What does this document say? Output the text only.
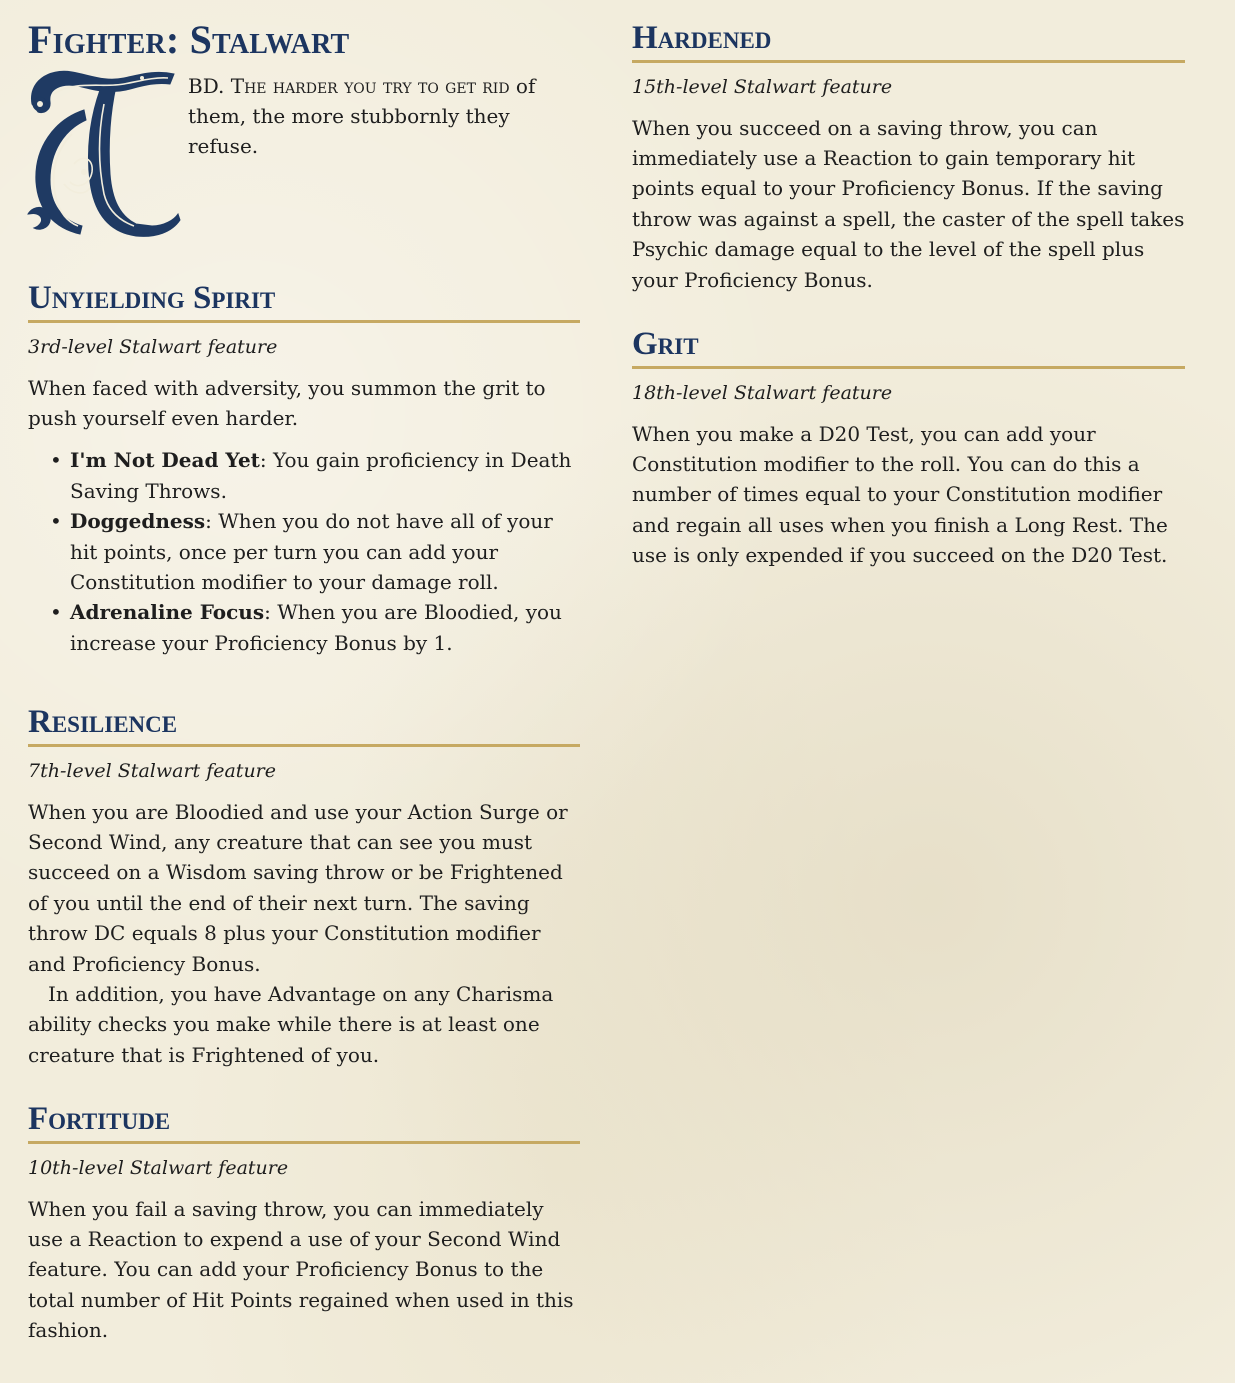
Fighter: Stalwart

BD. The harder you try to get rid of them, the more stubbornly they refuse.

Unyielding Spirit

3rd-level Stalwart feature

When faced with adversity, you summon the grit to push yourself even harder.

• I'm Not Dead Yet: You gain proficiency in Death Saving Throws.
• Doggedness: When you do not have all of your hit points, once per turn you can add your Constitution modifier to your damage roll.
• Adrenaline Focus: When you are Bloodied, you increase your Proficiency Bonus by 1.
Resilience

7th-level Stalwart feature

When you are Bloodied and use your Action Surge or Second Wind, any creature that can see you must succeed on a Wisdom saving throw or be Frightened of you until the end of their next turn. The saving throw DC equals 8 plus your Constitution modifier and Proficiency Bonus.

In addition, you have Advantage on any Charisma ability checks you make while there is at least one creature that is Frightened of you.

Fortitude

10th-level Stalwart feature

When you fail a saving throw, you can immediately use a Reaction to expend a use of your Second Wind feature. You can add your Proficiency Bonus to the total number of Hit Points regained when used in this fashion.

Hardened

15th-level Stalwart feature

When you succeed on a saving throw, you can immediately use a Reaction to gain temporary hit points equal to your Proficiency Bonus. If the saving throw was against a spell, the caster of the spell takes Psychic damage equal to the level of the spell plus your Proficiency Bonus.

Grit

18th-level Stalwart feature

When you make a D20 Test, you can add your Constitution modifier to the roll. You can do this a number of times equal to your Constitution modifier and regain all uses when you finish a Long Rest. The use is only expended if you succeed on the D20 Test.
